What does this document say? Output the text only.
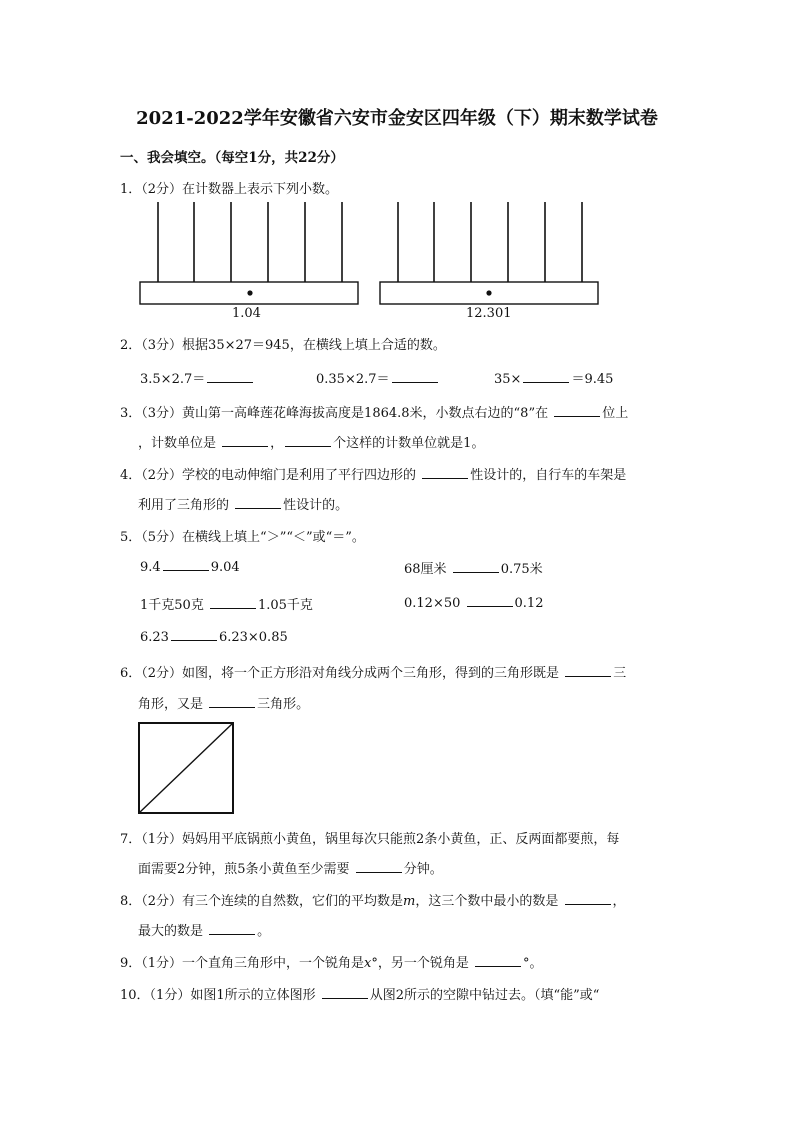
2021-2022学年安徽省六安市金安区四年级（下）期末数学试卷
一、我会填空。（每空1分，共22分）
1．（2分）在计数器上表示下列小数。
1.04	12.301
2．（3分）根据35×27＝945，在横线上填上合适的数。
3.5×2.7＝	0.35×2.7＝	35×	＝9.45
3．（3分）黄山第一高峰莲花峰海拔高度是1864.8米，小数点右边的“8”在	位上
，计数单位是	，	个这样的计数单位就是1。
4．（2分）学校的电动伸缩门是利用了平行四边形的	性设计的，自行车的车架是
利用了三角形的	性设计的。
5．（5分）在横线上填上“＞”“＜”或“＝”。
9.4	9.04	68厘米	0.75米
1千克50克	1.05千克	0.12×50	0.12
6.23	6.23×0.85
6．（2分）如图，将一个正方形沿对角线分成两个三角形，得到的三角形既是	三
角形，又是	三角形。
7．（1分）妈妈用平底锅煎小黄鱼，锅里每次只能煎2条小黄鱼，正、反两面都要煎，每
面需要2分钟，煎5条小黄鱼至少需要	分钟。
8．（2分）有三个连续的自然数，它们的平均数是m，这三个数中最小的数是	，
最大的数是	。
9．（1分）一个直角三角形中，一个锐角是x°，另一个锐角是	°。
10．（1分）如图1所示的立体图形	从图2所示的空隙中钻过去。（填“能”或“
